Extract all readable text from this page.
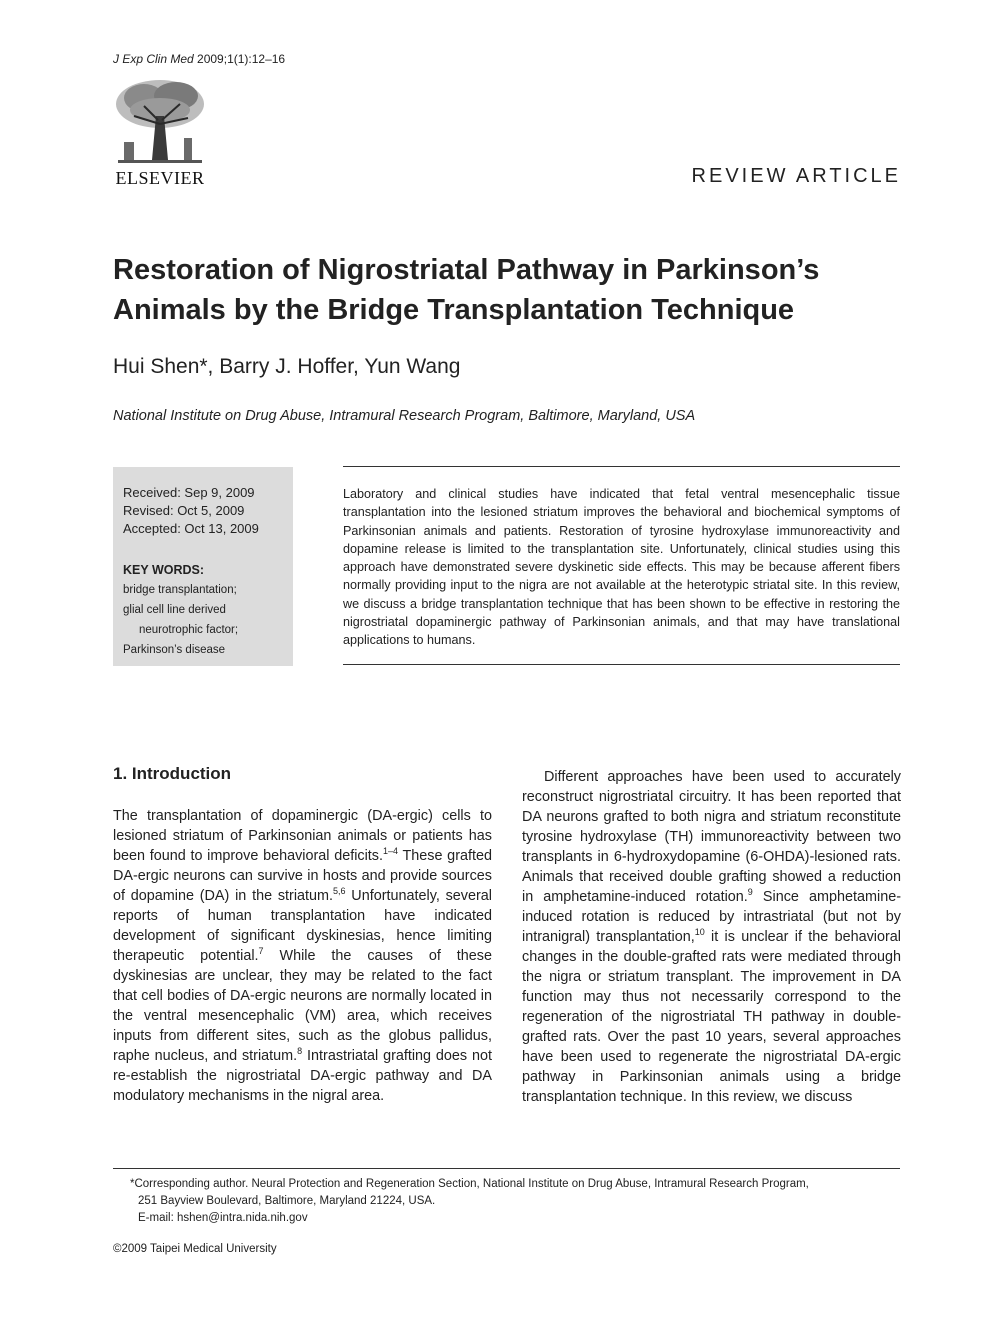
J Exp Clin Med 2009;1(1):12–16
ELSEVIER	REVIEW ARTICLE
Restoration of Nigrostriatal Pathway in Parkinson’s Animals by the Bridge Transplantation Technique
Hui Shen*, Barry J. Hoffer, Yun Wang
National Institute on Drug Abuse, Intramural Research Program, Baltimore, Maryland, USA
Received: Sep 9, 2009
Revised: Oct 5, 2009
Accepted: Oct 13, 2009
KEY WORDS:
bridge transplantation;
glial cell line derived
neurotrophic factor;
Parkinson’s disease
Laboratory and clinical studies have indicated that fetal ventral mesencephalic tissue transplantation into the lesioned striatum improves the behavioral and biochemical symptoms of Parkinsonian animals and patients. Restoration of tyrosine hydroxylase immunoreactivity and dopamine release is limited to the transplantation site. Unfortunately, clinical studies using this approach have demonstrated severe dyskinetic side effects. This may be because afferent fibers normally providing input to the nigra are not available at the heterotypic striatal site. In this review, we discuss a bridge transplantation technique that has been shown to be effective in restoring the nigrostriatal dopaminergic pathway of Parkinsonian animals, and that may have translational applications to humans.
1. Introduction

The transplantation of dopaminergic (DA-ergic) cells to lesioned striatum of Parkinsonian animals or patients has been found to improve behavioral deficits.$^{1-4}$ These grafted DA-ergic neurons can survive in hosts and provide sources of dopamine (DA) in the striatum.$^{5,6}$ Unfortunately, several reports of human transplantation have indicated development of significant dyskinesias, hence limiting therapeutic potential.$^7$ While the causes of these dyskinesias are unclear, they may be related to the fact that cell bodies of DA-ergic neurons are normally located in the ventral mesencephalic (VM) area, which receives inputs from different sites, such as the globus pallidus, raphe nucleus, and striatum.$^8$ Intrastriatal grafting does not re-establish the nigrostriatal DA-ergic pathway and DA modulatory mechanisms in the nigral area.

Different approaches have been used to accurately reconstruct nigrostriatal circuitry. It has been reported that DA neurons grafted to both nigra and striatum reconstitute tyrosine hydroxylase (TH) immunoreactivity between two transplants in 6-hydroxydopamine (6-OHDA)-lesioned rats. Animals that received double grafting showed a reduction in amphetamine-induced rotation.$^9$ Since amphetamine-induced rotation is reduced by intrastriatal (but not by intranigral) transplantation,$^{10}$ it is unclear if the behavioral changes in the double-grafted rats were mediated through the nigra or striatum transplant. The improvement in DA function may thus not necessarily correspond to the regeneration of the nigrostriatal TH pathway in double-grafted rats. Over the past 10 years, several approaches have been used to regenerate the nigrostriatal DA-ergic pathway in Parkinsonian animals using a bridge transplantation technique. In this review, we discuss

*Corresponding author. Neural Protection and Regeneration Section, National Institute on Drug Abuse, Intramural Research Program,
251 Bayview Boulevard, Baltimore, Maryland 21224, USA.
E-mail: hshen@intra.nida.nih.gov
©2009 Taipei Medical University
